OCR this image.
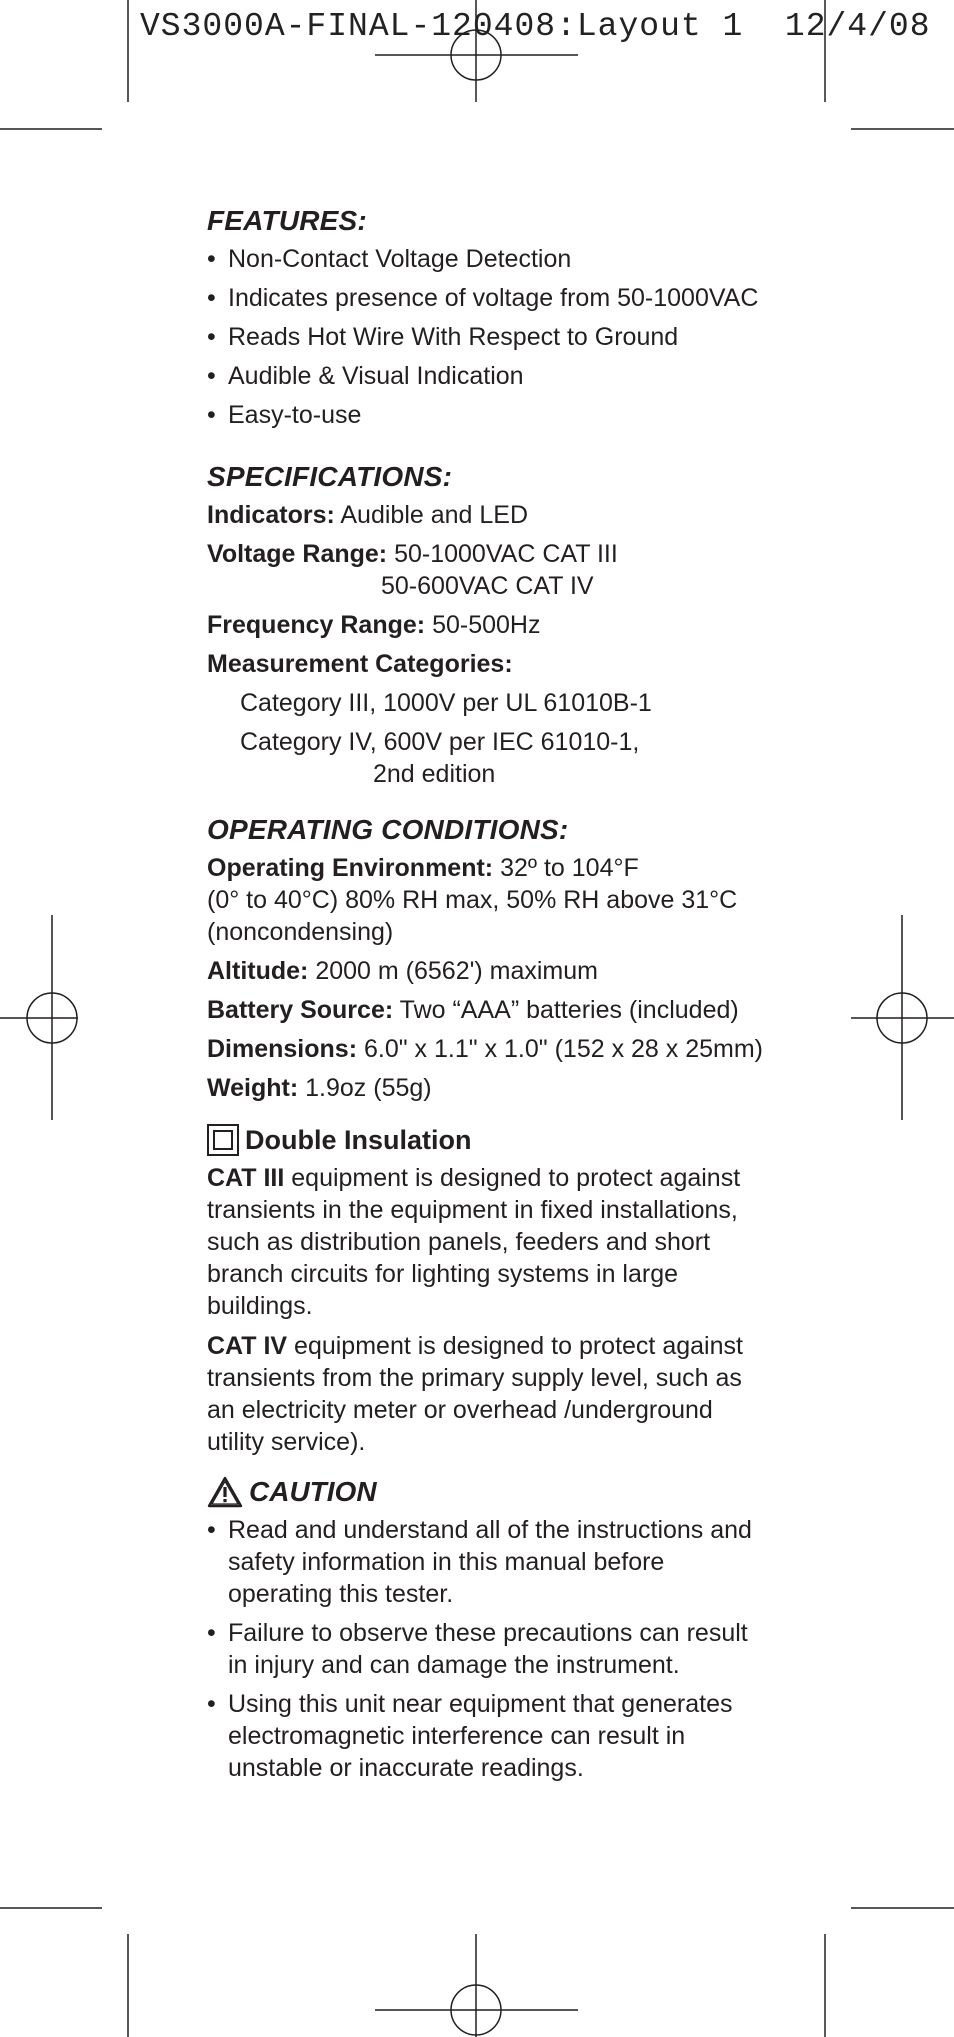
VS3000A-FINAL-120408:Layout 1  12/4/08
FEATURES:
• Non-Contact Voltage Detection
• Indicates presence of voltage from 50-1000VAC
• Reads Hot Wire With Respect to Ground
• Audible & Visual Indication
• Easy-to-use
SPECIFICATIONS:
Indicators: Audible and LED
Voltage Range: 50-1000VAC CAT III
50-600VAC CAT IV
Frequency Range: 50-500Hz
Measurement Categories:
Category III, 1000V per UL 61010B-1
Category IV, 600V per IEC 61010-1,
2nd edition
OPERATING CONDITIONS:
Operating Environment: 32º to 104°F
(0° to 40°C) 80% RH max, 50% RH above 31°C
(noncondensing)
Altitude: 2000 m (6562') maximum
Battery Source: Two “AAA” batteries (included)
Dimensions: 6.0" x 1.1" x 1.0" (152 x 28 x 25mm)
Weight: 1.9oz (55g)
Double Insulation

CAT III equipment is designed to protect against transients in the equipment in fixed installations, such as distribution panels, feeders and short branch circuits for lighting systems in large buildings.

CAT IV equipment is designed to protect against transients from the primary supply level, such as an electricity meter or overhead /underground utility service).

CAUTION
• Read and understand all of the instructions and safety information in this manual before operating this tester.
• Failure to observe these precautions can result in injury and can damage the instrument.
• Using this unit near equipment that generates electromagnetic interference can result in unstable or inaccurate readings.
